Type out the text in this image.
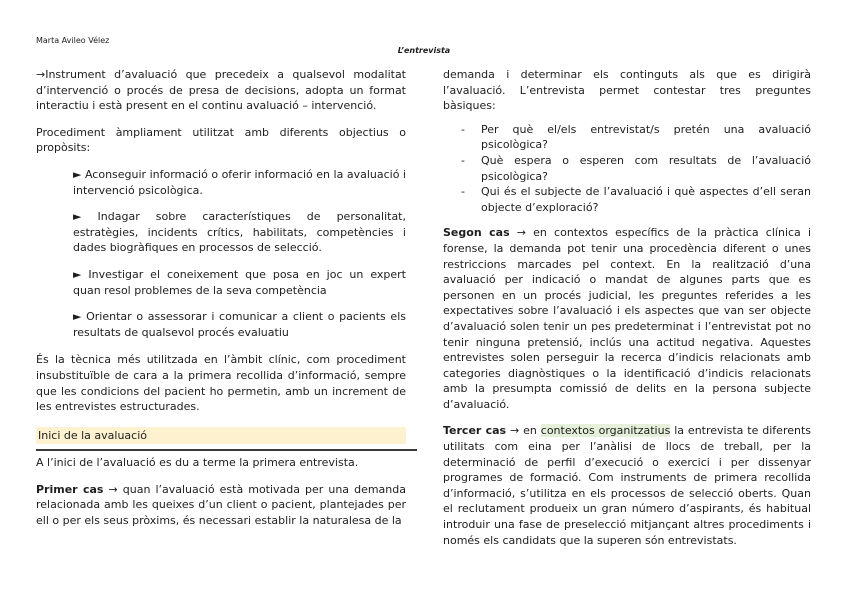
Marta Avileo Vélez
L’entrevista

→Instrument d’avaluació que precedeix a qualsevol modalitat d’intervenció o procés de presa de decisions, adopta un format interactiu i està present en el continu avaluació – intervenció.

Procediment àmpliament utilitzat amb diferents objectius o propòsits:

► Aconseguir informació o oferir informació en la avaluació i intervenció psicològica.

► Indagar sobre característiques de personalitat, estratègies, incidents crítics, habilitats, competències i dades biogràfiques en processos de selecció.

► Investigar el coneixement que posa en joc un expert quan resol problemes de la seva competència

► Orientar o assessorar i comunicar a client o pacients els resultats de qualsevol procés evaluatiu

És la tècnica més utilitzada en l’àmbit clínic, com procediment insubstituïble de cara a la primera recollida d’informació, sempre que les condicions del pacient ho permetin, amb un increment de les entrevistes estructurades.

Inici de la avaluació

A l’inici de l’avaluació es du a terme la primera entrevista.

Primer cas → quan l’avaluació està motivada per una demanda relacionada amb les queixes d’un client o pacient, plantejades per ell o per els seus pròxims, és necessari establir la naturalesa de la

demanda i determinar els continguts als que es dirigirà l’avaluació. L’entrevista permet contestar tres preguntes bàsiques:

- Per què el/els entrevistat/s pretén una avaluació psicològica?
- Què espera o esperen com resultats de l’avaluació psicològica?
- Qui és el subjecte de l’avaluació i què aspectes d’ell seran objecte d’exploració?

Segon cas → en contextos específics de la pràctica clínica i forense, la demanda pot tenir una procedència diferent o unes restriccions marcades pel context. En la realització d’una avaluació per indicació o mandat de algunes parts que es personen en un procés judicial, les preguntes referides a les expectatives sobre l’avaluació i els aspectes que van ser objecte d’avaluació solen tenir un pes predeterminat i l’entrevistat pot no tenir ninguna pretensió, inclús una actitud negativa. Aquestes entrevistes solen perseguir la recerca d’indicis relacionats amb categories diagnòstiques o la identificació d’indicis relacionats amb la presumpta comissió de delits en la persona subjecte d’avaluació.

Tercer cas → en contextos organitzatius la entrevista te diferents utilitats com eina per l’anàlisi de llocs de treball, per la determinació de perfil d’execució o exercici i per dissenyar programes de formació. Com instruments de primera recollida d’informació, s’utilitza en els processos de selecció oberts. Quan el reclutament produeix un gran número d’aspirants, és habitual introduir una fase de preselecció mitjançant altres procediments i només els candidats que la superen són entrevistats.
